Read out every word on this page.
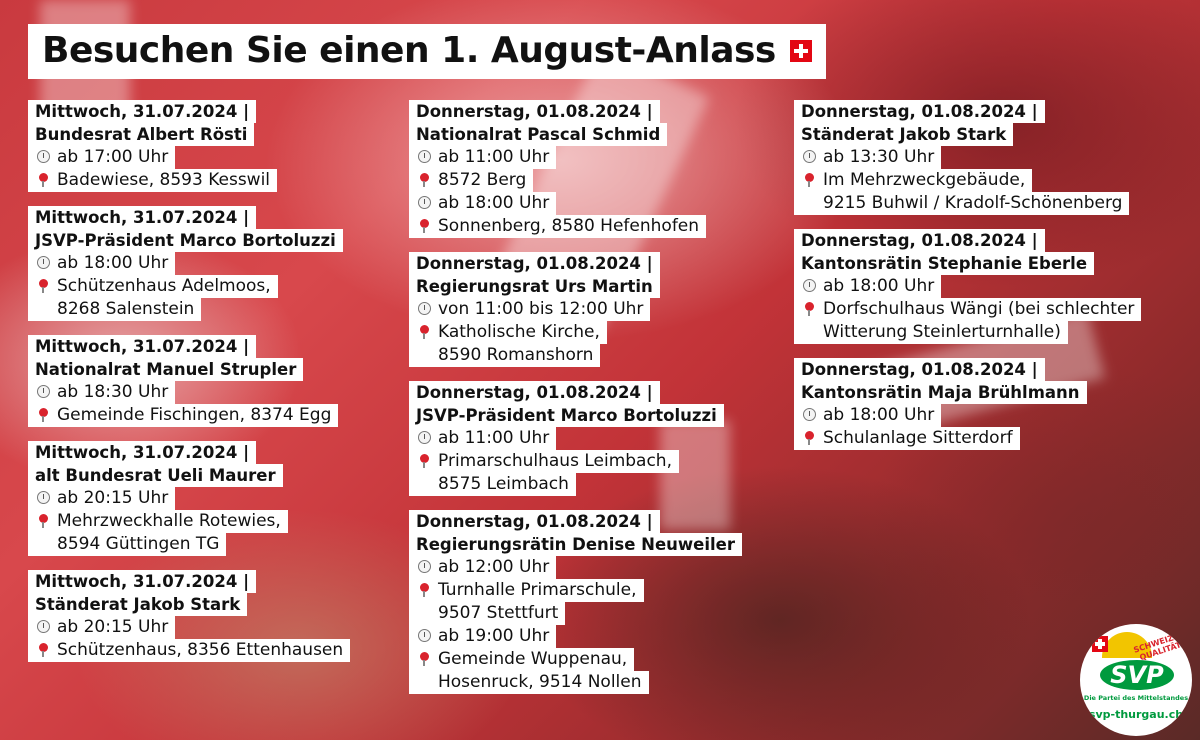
Besuchen Sie einen 1. August-Anlass
Mittwoch, 31.07.2024 |
Bundesrat Albert Rösti
ab 17:00 Uhr
Badewiese, 8593 Kesswil
Mittwoch, 31.07.2024 |
JSVP-Präsident Marco Bortoluzzi
ab 18:00 Uhr
Schützenhaus Adelmoos,
8268 Salenstein
Mittwoch, 31.07.2024 |
Nationalrat Manuel Strupler
ab 18:30 Uhr
Gemeinde Fischingen, 8374 Egg
Mittwoch, 31.07.2024 |
alt Bundesrat Ueli Maurer
ab 20:15 Uhr
Mehrzweckhalle Rotewies,
8594 Güttingen TG
Mittwoch, 31.07.2024 |
Ständerat Jakob Stark
ab 20:15 Uhr
Schützenhaus, 8356 Ettenhausen
Donnerstag, 01.08.2024 |
Nationalrat Pascal Schmid
ab 11:00 Uhr
8572 Berg
ab 18:00 Uhr
Sonnenberg, 8580 Hefenhofen
Donnerstag, 01.08.2024 |
Regierungsrat Urs Martin
von 11:00 bis 12:00 Uhr
Katholische Kirche,
8590 Romanshorn
Donnerstag, 01.08.2024 |
JSVP-Präsident Marco Bortoluzzi
ab 11:00 Uhr
Primarschulhaus Leimbach,
8575 Leimbach
Donnerstag, 01.08.2024 |
Regierungsrätin Denise Neuweiler
ab 12:00 Uhr
Turnhalle Primarschule,
9507 Stettfurt
ab 19:00 Uhr
Gemeinde Wuppenau,
Hosenruck, 9514 Nollen
Donnerstag, 01.08.2024 |
Ständerat Jakob Stark
ab 13:30 Uhr
Im Mehrzweckgebäude,
9215 Buhwil / Kradolf-Schönenberg
Donnerstag, 01.08.2024 |
Kantonsrätin Stephanie Eberle
ab 18:00 Uhr
Dorfschulhaus Wängi (bei schlechter
Witterung Steinlerturnhalle)
Donnerstag, 01.08.2024 |
Kantonsrätin Maja Brühlmann
ab 18:00 Uhr
Schulanlage Sitterdorf
SCHWEIZER QUALITÄT
SVP
Die Partei des Mittelstandes
svp-thurgau.ch
